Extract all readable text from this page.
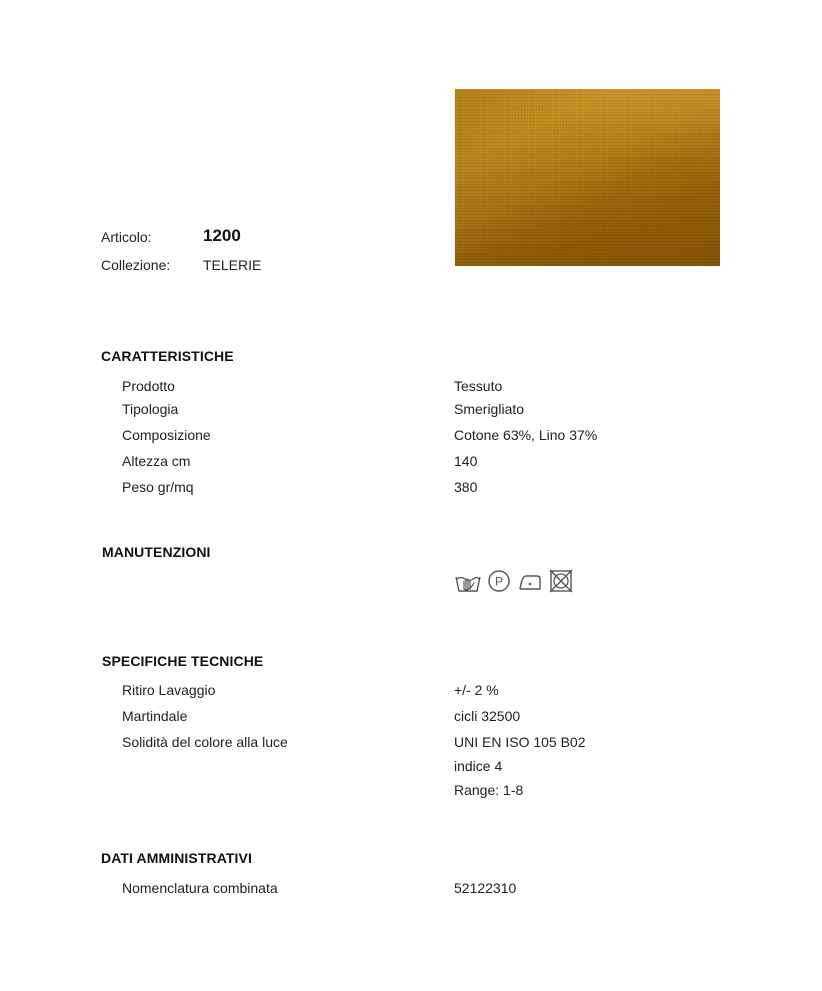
Articolo:	1200
Collezione: TELERIE
CARATTERISTICHE
Prodotto	Tessuto
Tipologia	Smerigliato
Composizione	Cotone 63%, Lino 37%
Altezza cm	140
Peso gr/mq	380
MANUTENZIONI
P
SPECIFICHE TECNICHE
Ritiro Lavaggio	+/- 2 %
Martindale	cicli 32500
Solidità del colore alla luce	UNI EN ISO 105 B02
indice 4
Range: 1-8
DATI AMMINISTRATIVI
Nomenclatura combinata	52122310
